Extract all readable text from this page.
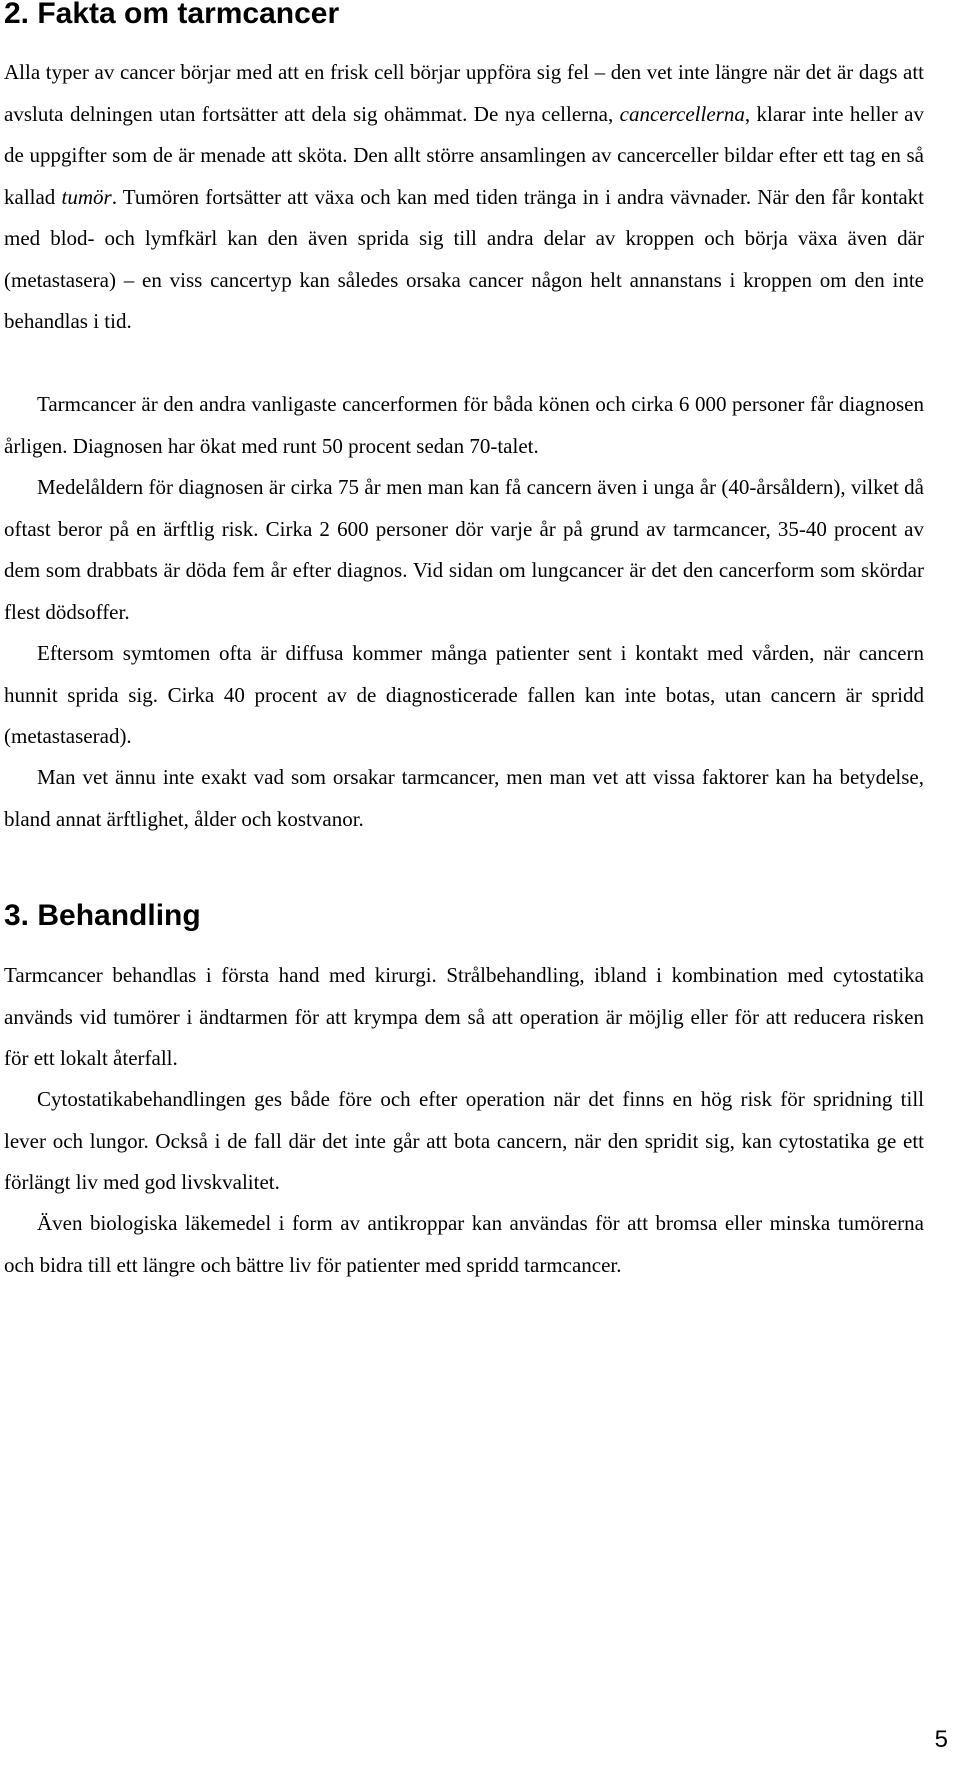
2. Fakta om tarmcancer

Alla typer av cancer börjar med att en frisk cell börjar uppföra sig fel – den vet inte längre när det är dags att avsluta delningen utan fortsätter att dela sig ohämmat. De nya cellerna, cancercellerna, klarar inte heller av de uppgifter som de är menade att sköta. Den allt större ansamlingen av cancerceller bildar efter ett tag en så kallad tumör. Tumören fortsätter att växa och kan med tiden tränga in i andra vävnader. När den får kontakt med blod- och lymfkärl kan den även sprida sig till andra delar av kroppen och börja växa även där (metastasera) – en viss cancertyp kan således orsaka cancer någon helt annanstans i kroppen om den inte behandlas i tid.

Tarmcancer är den andra vanligaste cancerformen för båda könen och cirka 6 000 personer får diagnosen årligen. Diagnosen har ökat med runt 50 procent sedan 70-talet.

Medelåldern för diagnosen är cirka 75 år men man kan få cancern även i unga år (40-årsåldern), vilket då oftast beror på en ärftlig risk. Cirka 2 600 personer dör varje år på grund av tarmcancer, 35-40 procent av dem som drabbats är döda fem år efter diagnos. Vid sidan om lungcancer är det den cancerform som skördar flest dödsoffer.

Eftersom symtomen ofta är diffusa kommer många patienter sent i kontakt med vården, när cancern hunnit sprida sig. Cirka 40 procent av de diagnosticerade fallen kan inte botas, utan cancern är spridd (metastaserad).

Man vet ännu inte exakt vad som orsakar tarmcancer, men man vet att vissa faktorer kan ha betydelse, bland annat ärftlighet, ålder och kostvanor.

3. Behandling

Tarmcancer behandlas i första hand med kirurgi. Strålbehandling, ibland i kombination med cytostatika används vid tumörer i ändtarmen för att krympa dem så att operation är möjlig eller för att reducera risken för ett lokalt återfall.

Cytostatikabehandlingen ges både före och efter operation när det finns en hög risk för spridning till lever och lungor. Också i de fall där det inte går att bota cancern, när den spridit sig, kan cytostatika ge ett förlängt liv med god livskvalitet.

Även biologiska läkemedel i form av antikroppar kan användas för att bromsa eller minska tumörerna och bidra till ett längre och bättre liv för patienter med spridd tarmcancer.

5
